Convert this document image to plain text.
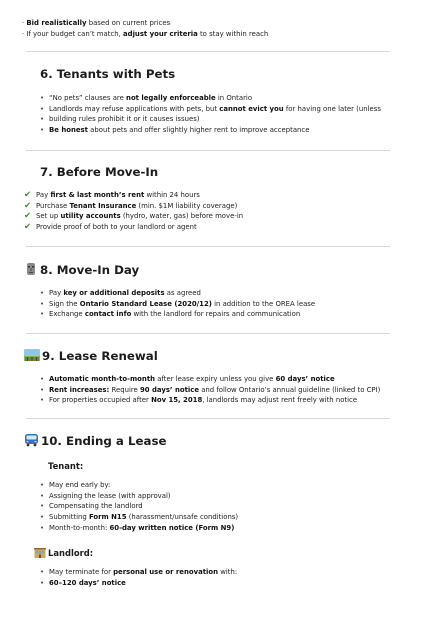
· Bid realistically based on current prices
· If your budget can’t match, adjust your criteria to stay within reach
6. Tenants with Pets
• “No pets” clauses are not legally enforceable in Ontario
• Landlords may refuse applications with pets, but cannot evict you for having one later (unless
• building rules prohibit it or it causes issues)
• Be honest about pets and offer slightly higher rent to improve acceptance
7. Before Move-In
✔ Pay first & last month’s rent within 24 hours
✔ Purchase Tenant Insurance (min. $1M liability coverage)
✔ Set up utility accounts (hydro, water, gas) before move-in
✔ Provide proof of both to your landlord or agent
8. Move-In Day
• Pay key or additional deposits as agreed
• Sign the Ontario Standard Lease (2020/12) in addition to the OREA lease
• Exchange contact info with the landlord for repairs and communication
9. Lease Renewal
• Automatic month-to-month after lease expiry unless you give 60 days’ notice
• Rent increases: Require 90 days’ notice and follow Ontario’s annual guideline (linked to CPI)
• For properties occupied after Nov 15, 2018, landlords may adjust rent freely with notice
10. Ending a Lease
Tenant:
• May end early by:
• Assigning the lease (with approval)
• Compensating the landlord
• Submitting Form N15 (harassment/unsafe conditions)
• Month-to-month: 60-day written notice (Form N9)
Landlord:
• May terminate for personal use or renovation with:
• 60–120 days’ notice
